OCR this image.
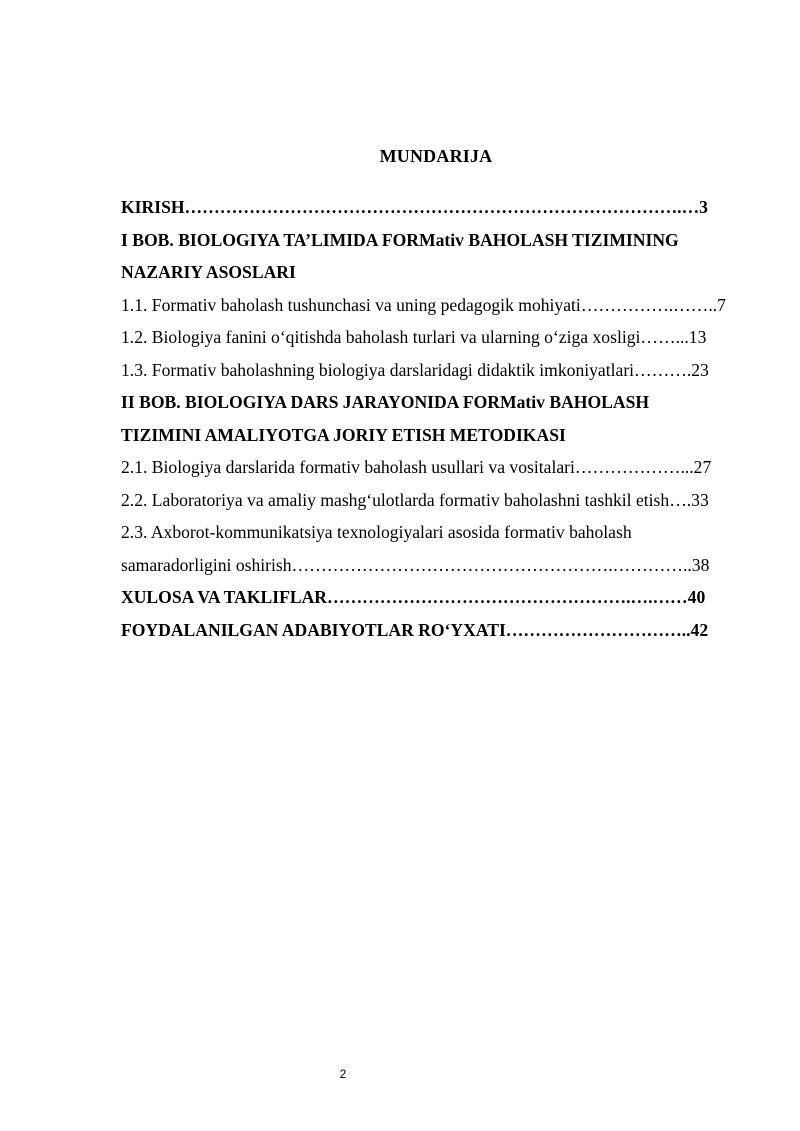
MUNDARIJA
KIRISH………………………………………………………………………….…3
I BOB. BIOLOGIYA TA’LIMIDA FORMativ BAHOLASH TIZIMINING
NAZARIY ASOSLARI
1.1. Formativ baholash tushunchasi va uning pedagogik mohiyati…………….……..7
1.2. Biologiya fanini o‘qitishda baholash turlari va ularning o‘ziga xosligi……...13
1.3. Formativ baholashning biologiya darslaridagi didaktik imkoniyatlari……….23
II BOB. BIOLOGIYA DARS JARAYONIDA FORMativ BAHOLASH
TIZIMINI AMALIYOTGA JORIY ETISH METODIKASI
2.1. Biologiya darslarida formativ baholash usullari va vositalari………………...27
2.2. Laboratoriya va amaliy mashg‘ulotlarda formativ baholashni tashkil etish….33
2.3. Axborot-kommunikatsiya texnologiyalari asosida formativ baholash
samaradorligini oshirish……………………………………………….…………..38
XULOSA VA TAKLIFLAR…………………………………………….….……40
FOYDALANILGAN ADABIYOTLAR RO‘YXATI…………………………..42
2
